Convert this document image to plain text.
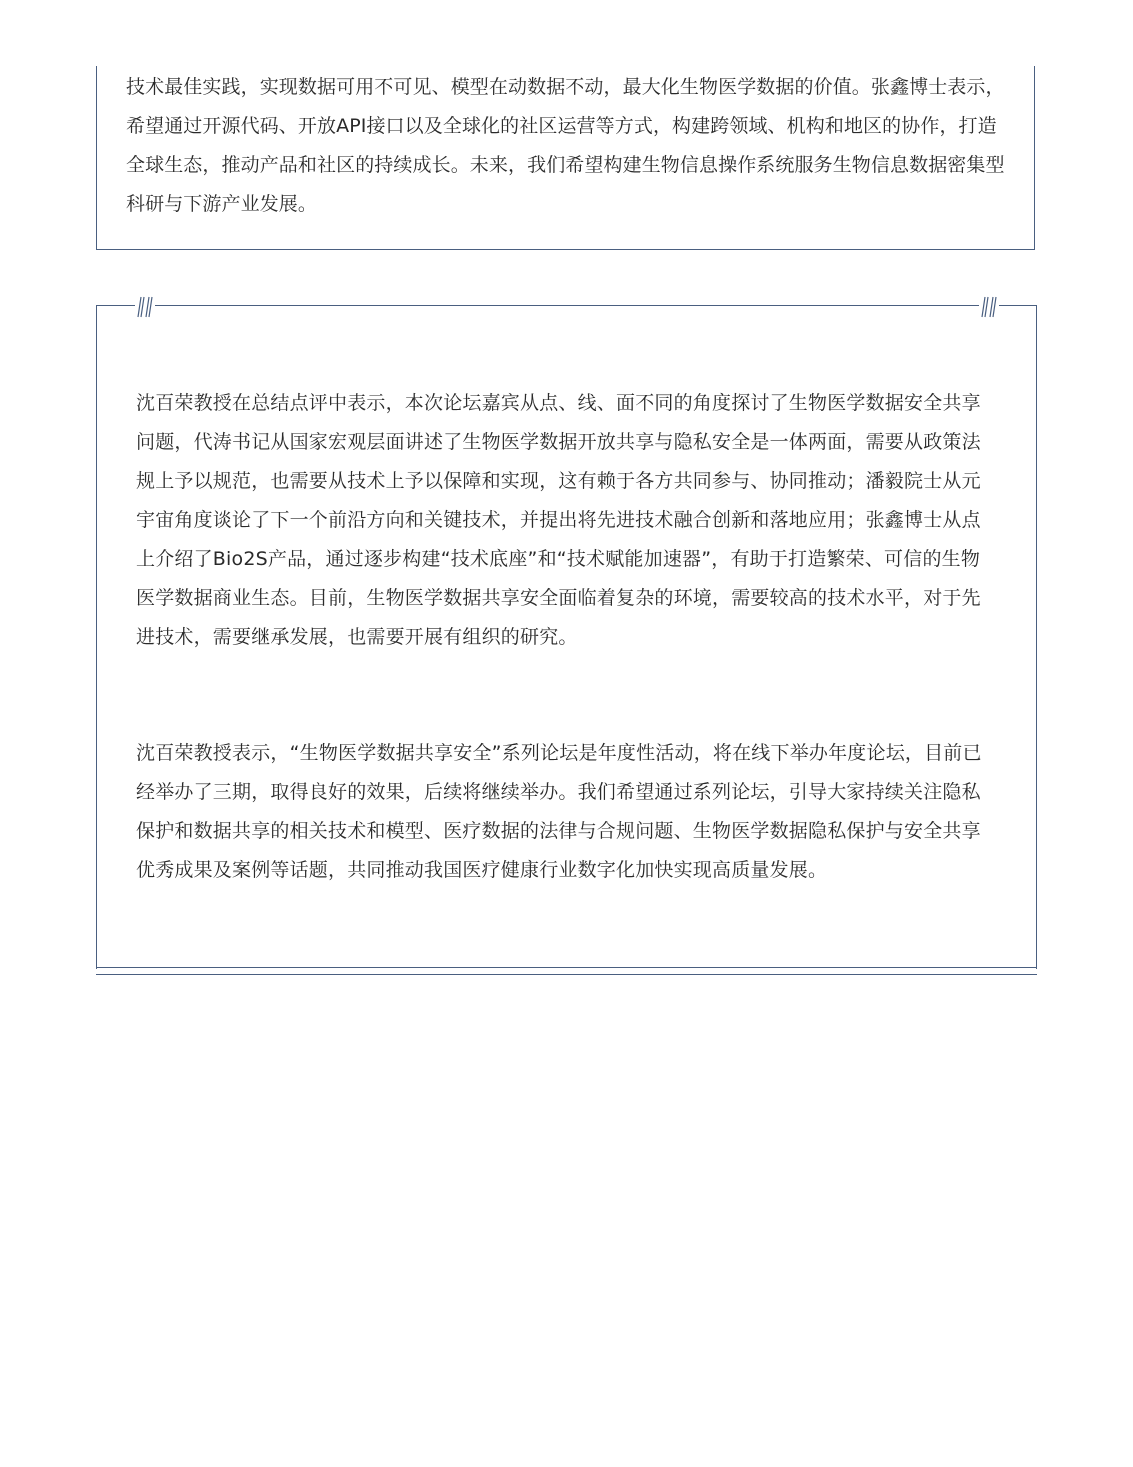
技术最佳实践，实现数据可用不可见、模型在动数据不动，最大化生物医学数据的价值。张鑫博士表示，希望通过开源代码、开放API接口以及全球化的社区运营等方式，构建跨领域、机构和地区的协作，打造全球生态，推动产品和社区的持续成长。未来，我们希望构建生物信息操作系统服务生物信息数据密集型科研与下游产业发展。

沈百荣教授在总结点评中表示，本次论坛嘉宾从点、线、面不同的角度探讨了生物医学数据安全共享问题，代涛书记从国家宏观层面讲述了生物医学数据开放共享与隐私安全是一体两面，需要从政策法规上予以规范，也需要从技术上予以保障和实现，这有赖于各方共同参与、协同推动；潘毅院士从元宇宙角度谈论了下一个前沿方向和关键技术，并提出将先进技术融合创新和落地应用；张鑫博士从点上介绍了Bio2S产品，通过逐步构建“技术底座”和“技术赋能加速器”，有助于打造繁荣、可信的生物医学数据商业生态。目前，生物医学数据共享安全面临着复杂的环境，需要较高的技术水平，对于先进技术，需要继承发展，也需要开展有组织的研究。

沈百荣教授表示，“生物医学数据共享安全”系列论坛是年度性活动，将在线下举办年度论坛，目前已经举办了三期，取得良好的效果，后续将继续举办。我们希望通过系列论坛，引导大家持续关注隐私保护和数据共享的相关技术和模型、医疗数据的法律与合规问题、生物医学数据隐私保护与安全共享优秀成果及案例等话题，共同推动我国医疗健康行业数字化加快实现高质量发展。
